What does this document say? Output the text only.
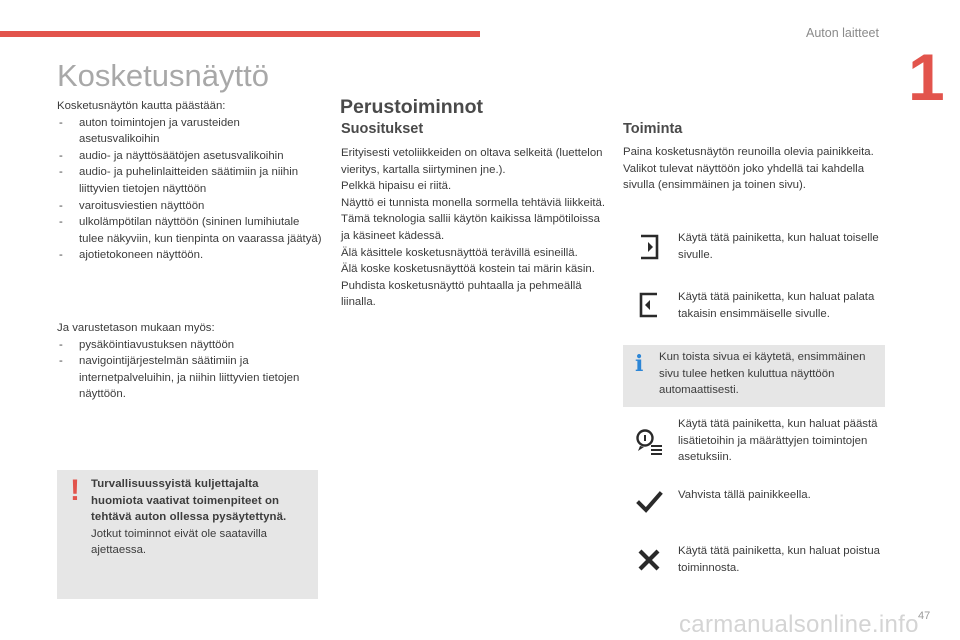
Auton laitteet
1
Kosketusnäyttö

Kosketusnäytön kautta päästään:

- auton toimintojen ja varusteiden asetusvalikoihin
- audio- ja näyttösäätöjen asetusvalikoihin
- audio- ja puhelinlaitteiden säätimiin ja niihin liittyvien tietojen näyttöön
- varoitusviestien näyttöön
- ulkolämpötilan näyttöön (sininen lumihiutale tulee näkyviin, kun tienpinta on vaarassa jäätyä)
- ajotietokoneen näyttöön.

Ja varustetason mukaan myös:

- pysäköintiavustuksen näyttöön
- navigointijärjestelmän säätimiin ja internetpalveluihin, ja niihin liittyvien tietojen näyttöön.
! Turvallisuussyistä kuljettajalta huomiota vaativat toimenpiteet on tehtävä auton ollessa pysäytettynä.
Jotkut toiminnot eivät ole saatavilla ajettaessa.
Perustoiminnot
Suositukset

Erityisesti vetoliikkeiden on oltava selkeitä (luettelon vieritys, kartalla siirtyminen jne.).

Pelkkä hipaisu ei riitä.

Näyttö ei tunnista monella sormella tehtäviä liikkeitä.

Tämä teknologia sallii käytön kaikissa lämpötiloissa ja käsineet kädessä.

Älä käsittele kosketusnäyttöä terävillä esineillä.

Älä koske kosketusnäyttöä kostein tai märin käsin.

Puhdista kosketusnäyttö puhtaalla ja pehmeällä liinalla.

Toiminta

Paina kosketusnäytön reunoilla olevia painikkeita.

Valikot tulevat näyttöön joko yhdellä tai kahdella sivulla (ensimmäinen ja toinen sivu).

Käytä tätä painiketta, kun haluat toiselle sivulle.
Käytä tätä painiketta, kun haluat palata takaisin ensimmäiselle sivulle.
i Kun toista sivua ei käytetä, ensimmäinen sivu tulee hetken kuluttua näyttöön automaattisesti.
Käytä tätä painiketta, kun haluat päästä lisätietoihin ja määrättyjen toimintojen asetuksiin.
Vahvista tällä painikkeella.
Käytä tätä painiketta, kun haluat poistua toiminnosta.
carmanualsonline.info 47
